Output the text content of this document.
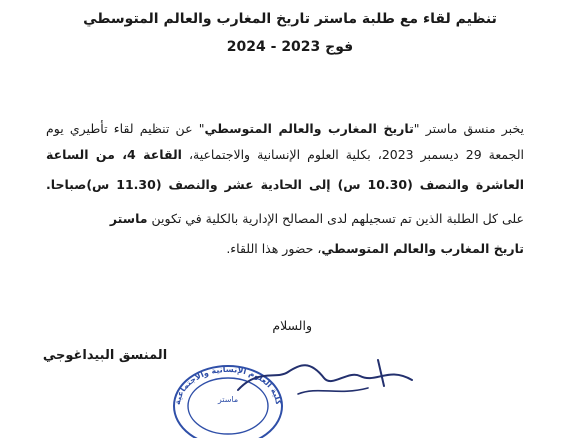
تنظيم لقاء مع طلبة ماستر تاريخ المغارب والعالم المتوسطي
فوج 2023 - 2024
يخبر منسق ماستر "تاريخ المغارب والعالم المتوسطي" عن تنظيم لقاء تأطيري يوم
الجمعة 29 ديسمبر 2023، بكلية العلوم الإنسانية والاجتماعية، القاعة 4، من الساعة
العاشرة والنصف (10.30 س) إلى الحادية عشر والنصف (11.30 س)صباحا.
على كل الطلبة الذين تم تسجيلهم لدى المصالح الإدارية بالكلية في تكوين ماستر
تاريخ المغارب والعالم المتوسطي، حضور هذا اللقاء.
والسلام
المنسق البيداغوجي
كلية العلوم الإنسانية والاجتماعية
ماستر
